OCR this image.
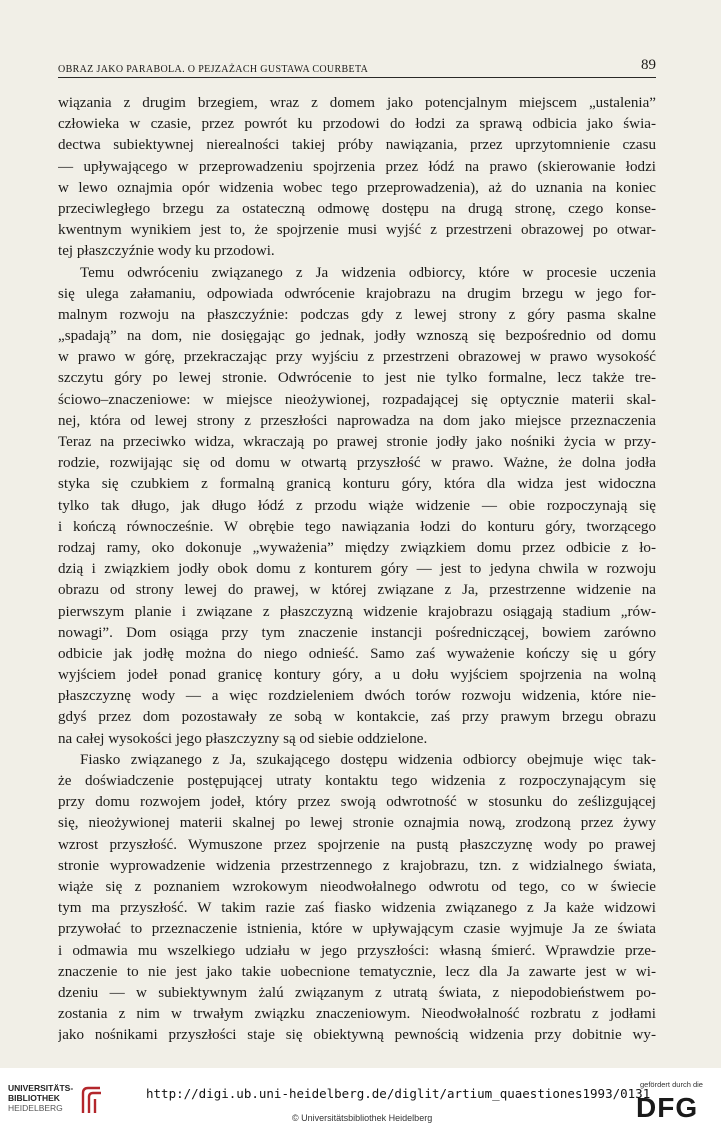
OBRAZ JAKO PARABOLA. O PEJZAŻACH GUSTAWA COURBETA	89
wiązania z drugim brzegiem, wraz z domem jako potencjalnym miejscem „ustalenia”
człowieka w czasie, przez powrót ku przodowi do łodzi za sprawą odbicia jako świa-
dectwa subiektywnej nierealności takiej próby nawiązania, przez uprzytomnienie czasu
— upływającego w przeprowadzeniu spojrzenia przez łódź na prawo (skierowanie łodzi
w lewo oznajmia opór widzenia wobec tego przeprowadzenia), aż do uznania na koniec
przeciwległego brzegu za ostateczną odmowę dostępu na drugą stronę, czego konse-
kwentnym wynikiem jest to, że spojrzenie musi wyjść z przestrzeni obrazowej po otwar-
tej płaszczyźnie wody ku przodowi.
Temu odwróceniu związanego z Ja widzenia odbiorcy, które w procesie uczenia
się ulega załamaniu, odpowiada odwrócenie krajobrazu na drugim brzegu w jego for-
malnym rozwoju na płaszczyźnie: podczas gdy z lewej strony z góry pasma skalne
„spadają” na dom, nie dosięgając go jednak, jodły wznoszą się bezpośrednio od domu
w prawo w górę, przekraczając przy wyjściu z przestrzeni obrazowej w prawo wysokość
szczytu góry po lewej stronie. Odwrócenie to jest nie tylko formalne, lecz także tre-
ściowo–znaczeniowe: w miejsce nieożywionej, rozpadającej się optycznie materii skal-
nej, która od lewej strony z przeszłości naprowadza na dom jako miejsce przeznaczenia
Teraz na przeciwko widza, wkraczają po prawej stronie jodły jako nośniki życia w przy-
rodzie, rozwijając się od domu w otwartą przyszłość w prawo. Ważne, że dolna jodła
styka się czubkiem z formalną granicą konturu góry, która dla widza jest widoczna
tylko tak długo, jak długo łódź z przodu wiąże widzenie — obie rozpoczynają się
i kończą równocześnie. W obrębie tego nawiązania łodzi do konturu góry, tworzącego
rodzaj ramy, oko dokonuje „wyważenia” między związkiem domu przez odbicie z ło-
dzią i związkiem jodły obok domu z konturem góry — jest to jedyna chwila w rozwoju
obrazu od strony lewej do prawej, w której związane z Ja, przestrzenne widzenie na
pierwszym planie i związane z płaszczyzną widzenie krajobrazu osiągają stadium „rów-
nowagi”. Dom osiąga przy tym znaczenie instancji pośredniczącej, bowiem zarówno
odbicie jak jodłę można do niego odnieść. Samo zaś wyważenie kończy się u góry
wyjściem jodeł ponad granicę kontury góry, a u dołu wyjściem spojrzenia na wolną
płaszczyznę wody — a więc rozdzieleniem dwóch torów rozwoju widzenia, które nie-
gdyś przez dom pozostawały ze sobą w kontakcie, zaś przy prawym brzegu obrazu
na całej wysokości jego płaszczyzny są od siebie oddzielone.
Fiasko związanego z Ja, szukającego dostępu widzenia odbiorcy obejmuje więc tak-
że doświadczenie postępującej utraty kontaktu tego widzenia z rozpoczynającym się
przy domu rozwojem jodeł, który przez swoją odwrotność w stosunku do ześlizgującej
się, nieożywionej materii skalnej po lewej stronie oznajmia nową, zrodzoną przez żywy
wzrost przyszłość. Wymuszone przez spojrzenie na pustą płaszczyznę wody po prawej
stronie wyprowadzenie widzenia przestrzennego z krajobrazu, tzn. z widzialnego świata,
wiąże się z poznaniem wzrokowym nieodwołalnego odwrotu od tego, co w świecie
tym ma przyszłość. W takim razie zaś fiasko widzenia związanego z Ja każe widzowi
przywołać to przeznaczenie istnienia, które w upływającym czasie wyjmuje Ja ze świata
i odmawia mu wszelkiego udziału w jego przyszłości: własną śmierć. Wprawdzie prze-
znaczenie to nie jest jako takie uobecnione tematycznie, lecz dla Ja zawarte jest w wi-
dzeniu — w subiektywnym żalú związanym z utratą świata, z niepodobieństwem po-
zostania z nim w trwałym związku znaczeniowym. Nieodwołalność rozbratu z jodłami
jako nośnikami przyszłości staje się obiektywną pewnością widzenia przy dobitnie wy-
UNIVERSITÄTS-
BIBLIOTHEK

HEIDELBERG
http://digi.ub.uni-heidelberg.de/diglit/artium_quaestiones1993/0131
© Universitätsbibliothek Heidelberg
gefördert durch die
DFG
